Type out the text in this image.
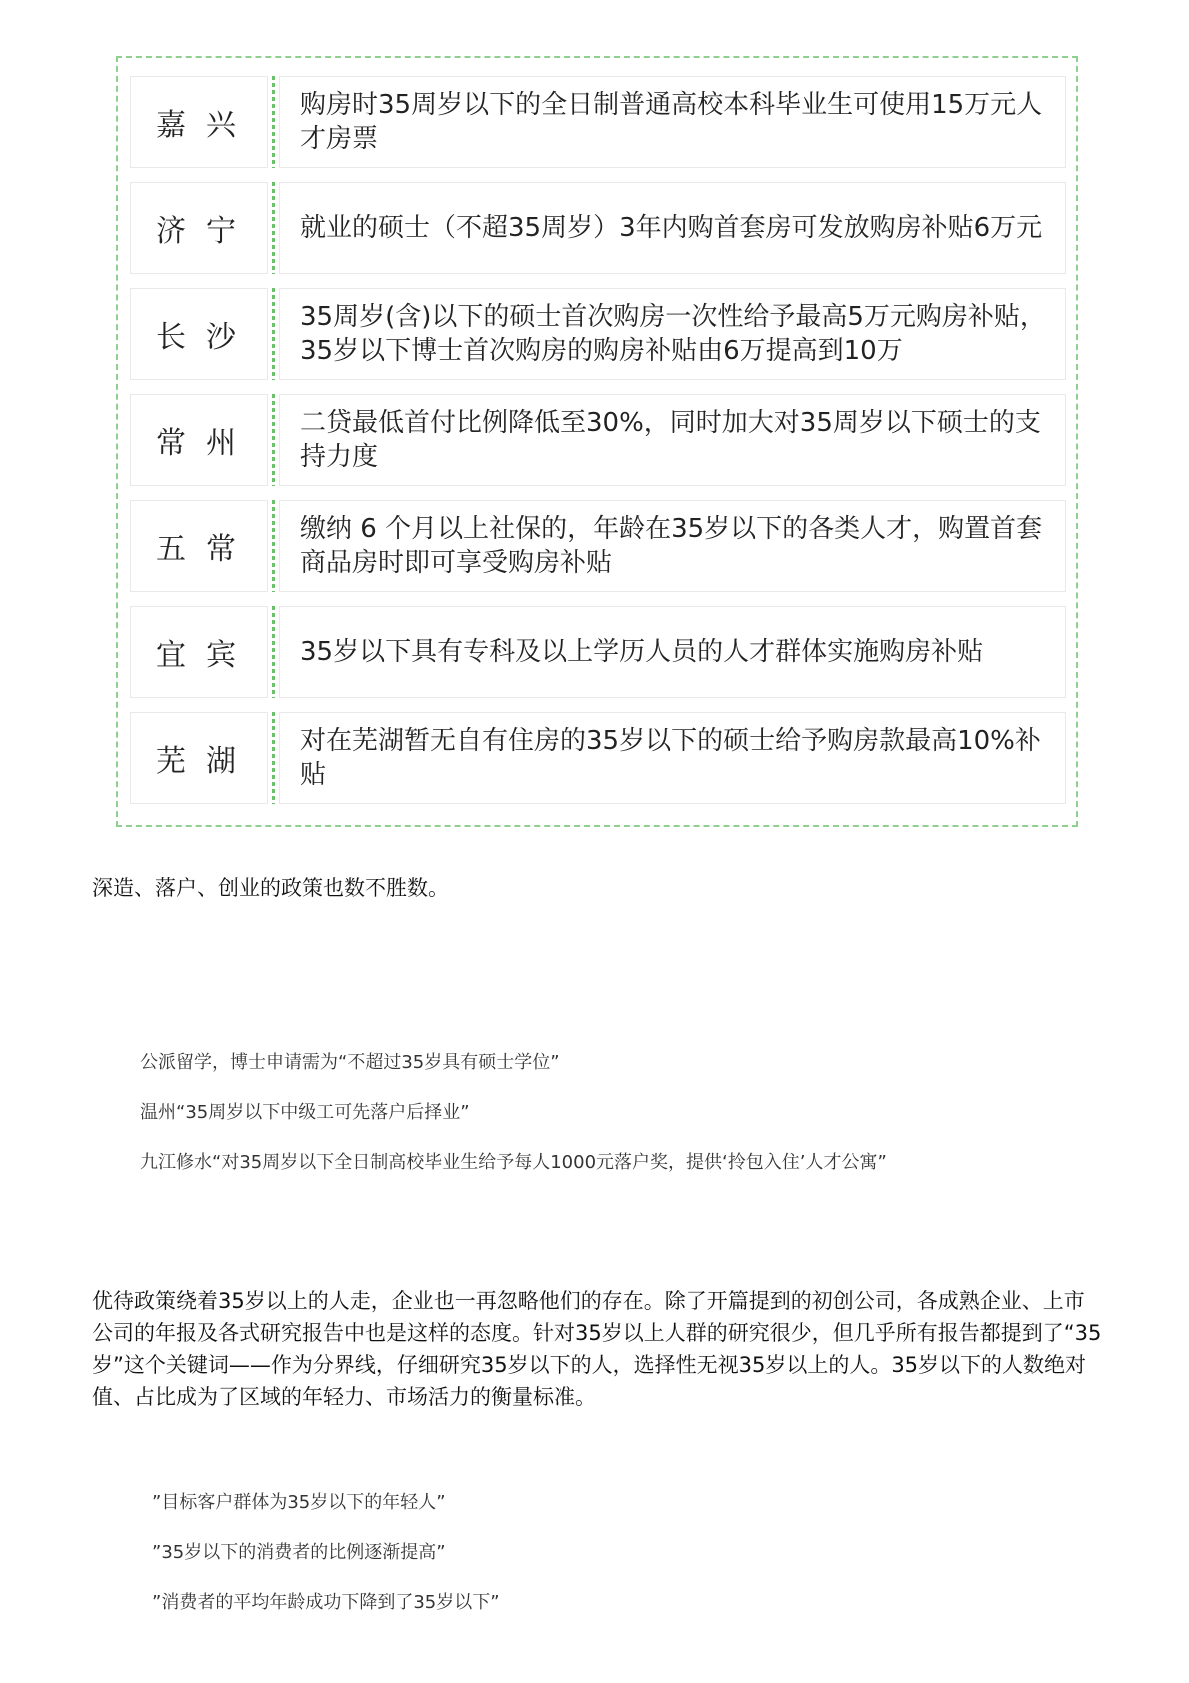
嘉兴
购房时35周岁以下的全日制普通高校本科毕业生可使用15万元人才房票
济宁	就业的硕士（不超35周岁）3年内购首套房可发放购房补贴6万元
长沙
35周岁(含)以下的硕士首次购房一次性给予最高5万元购房补贴，35岁以下博士首次购房的购房补贴由6万提高到10万
常州
二贷最低首付比例降低至30%，同时加大对35周岁以下硕士的支持力度
五常
缴纳 6 个月以上社保的，年龄在35岁以下的各类人才，购置首套商品房时即可享受购房补贴
宜宾	35岁以下具有专科及以上学历人员的人才群体实施购房补贴
芜湖
对在芜湖暂无自有住房的35岁以下的硕士给予购房款最高10%补贴

深造、落户、创业的政策也数不胜数。

公派留学，博士申请需为“不超过35岁具有硕士学位”

温州“35周岁以下中级工可先落户后择业”

九江修水“对35周岁以下全日制高校毕业生给予每人1000元落户奖，提供‘拎包入住’人才公寓”

优待政策绕着35岁以上的人走，企业也一再忽略他们的存在。除了开篇提到的初创公司，各成熟企业、上市公司的年报及各式研究报告中也是这样的态度。针对35岁以上人群的研究很少，但几乎所有报告都提到了“35岁”这个关键词——作为分界线，仔细研究35岁以下的人，选择性无视35岁以上的人。35岁以下的人数绝对值、占比成为了区域的年轻力、市场活力的衡量标准。

”目标客户群体为35岁以下的年轻人”

”35岁以下的消费者的比例逐渐提高”

”消费者的平均年龄成功下降到了35岁以下”
